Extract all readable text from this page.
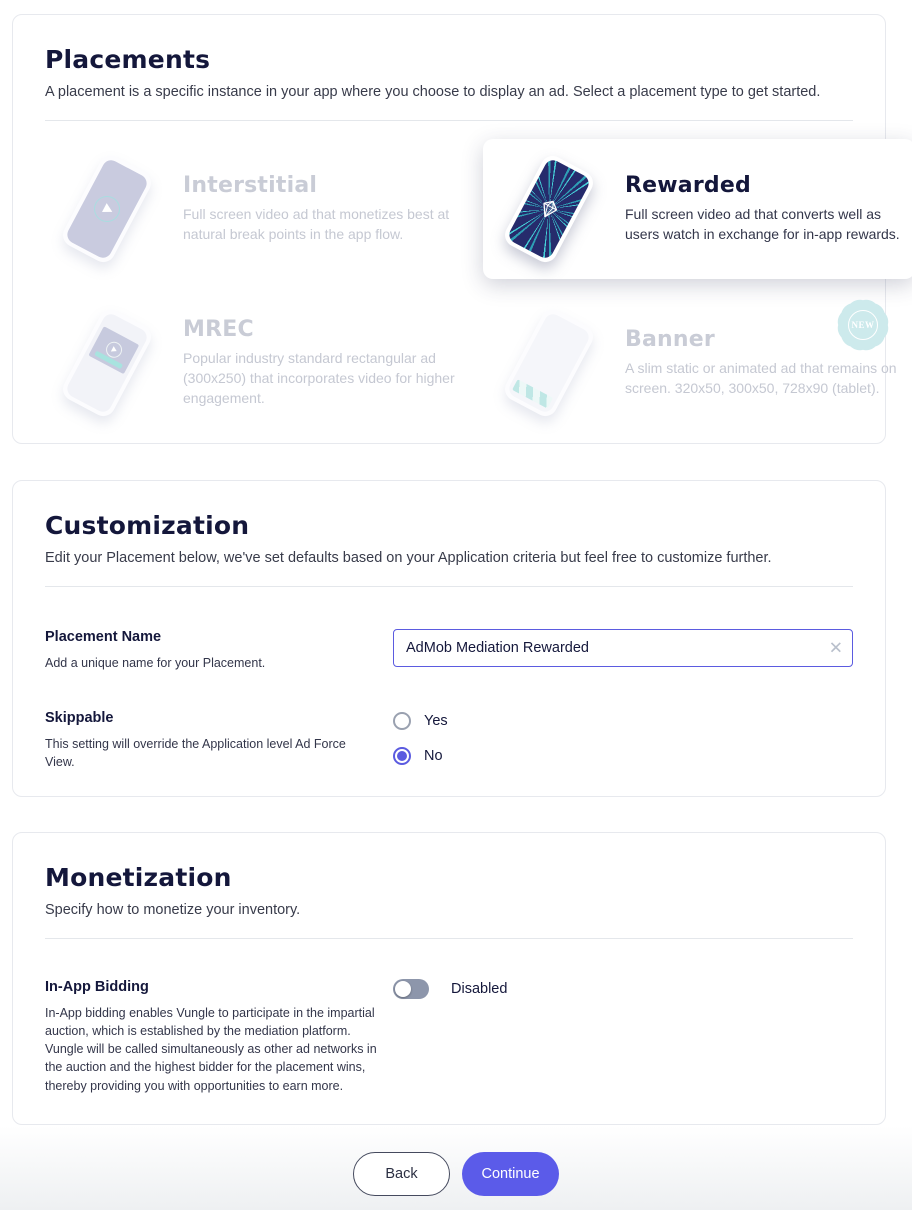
Placements
A placement is a specific instance in your app where you choose to display an ad. Select a placement type to get started.
Interstitial
Full screen video ad that monetizes best at natural break points in the app flow.
Rewarded
Full screen video ad that converts well as users watch in exchange for in-app rewards.
MREC
Popular industry standard rectangular ad (300x250) that incorporates video for higher engagement.
Banner
A slim static or animated ad that remains on screen. 320x50, 300x50, 728x90 (tablet).
NEW
Customization
Edit your Placement below, we've set defaults based on your Application criteria but feel free to customize further.
Placement Name
Add a unique name for your Placement.
AdMob Mediation Rewarded
✕
Skippable
This setting will override the Application level Ad Force View.
Yes
No
Monetization
Specify how to monetize your inventory.
In-App Bidding
In-App bidding enables Vungle to participate in the impartial auction, which is established by the mediation platform. Vungle will be called simultaneously as other ad networks in the auction and the highest bidder for the placement wins, thereby providing you with opportunities to earn more.
Disabled
Back	Continue
